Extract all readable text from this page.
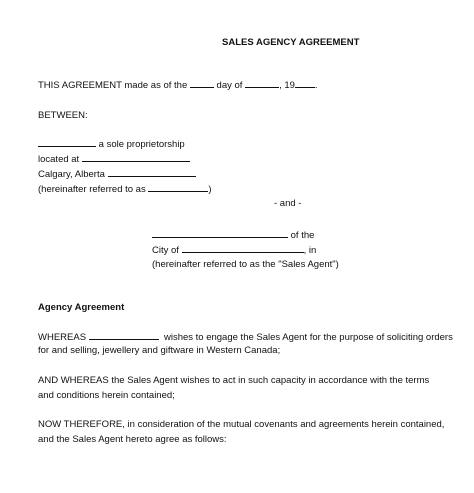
SALES AGENCY AGREEMENT
THIS AGREEMENT made as of the	day of	, 19 .
BETWEEN:
a sole proprietorship
located at
Calgary, Alberta
(hereinafter referred to as	)
- and -
of the
City of	, in
(hereinafter referred to as the "Sales Agent")
Agency Agreement
WHEREAS	wishes to engage the Sales Agent for the purpose of soliciting orders
for and selling, jewellery and giftware in Western Canada;
AND WHEREAS the Sales Agent wishes to act in such capacity in accordance with the terms
and conditions herein contained;
NOW THEREFORE, in consideration of the mutual covenants and agreements herein contained,
and the Sales Agent hereto agree as follows:
